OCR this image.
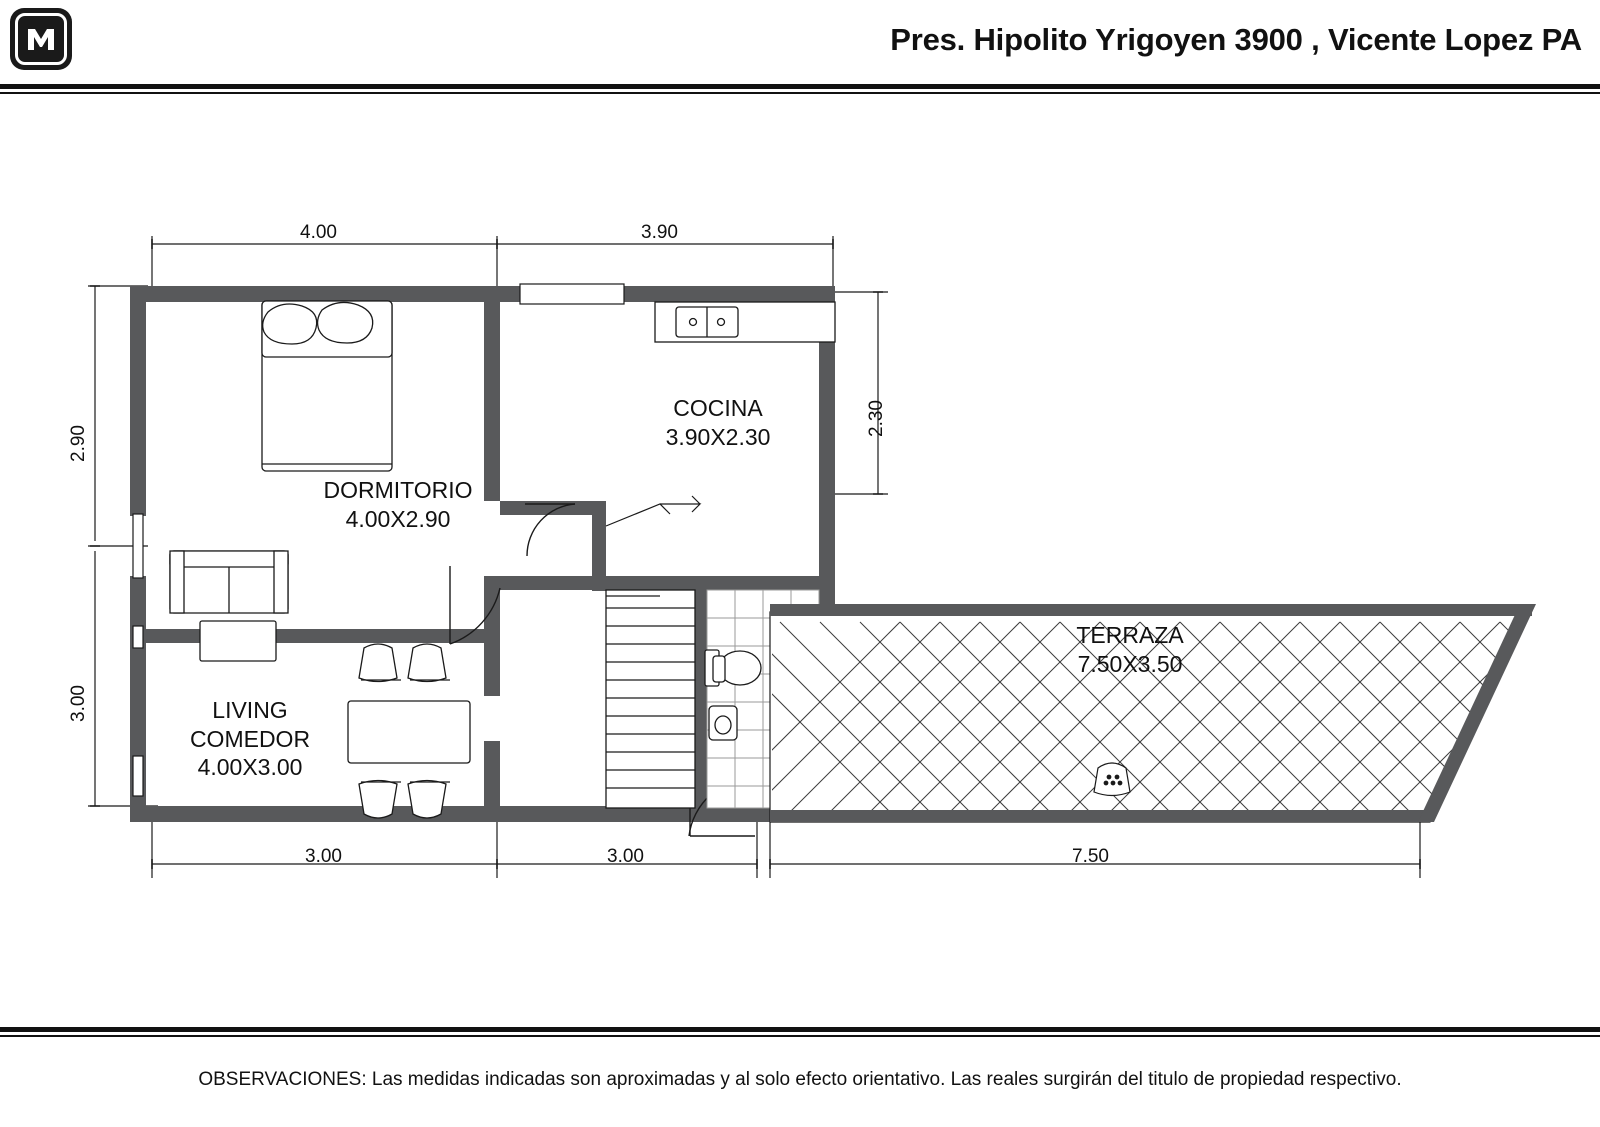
Pres. Hipolito Yrigoyen 3900 , Vicente Lopez PA
DORMITORIO
4.00X2.90
COCINA
3.90X2.30
LIVING
COMEDOR
4.00X3.00
TERRAZA
7.50X3.50
4.00	3.90
2.90
3.00
2.30
3.00	3.00	7.50
OBSERVACIONES: Las medidas indicadas son aproximadas y al solo efecto orientativo. Las reales surgirán del titulo de propiedad respectivo.
